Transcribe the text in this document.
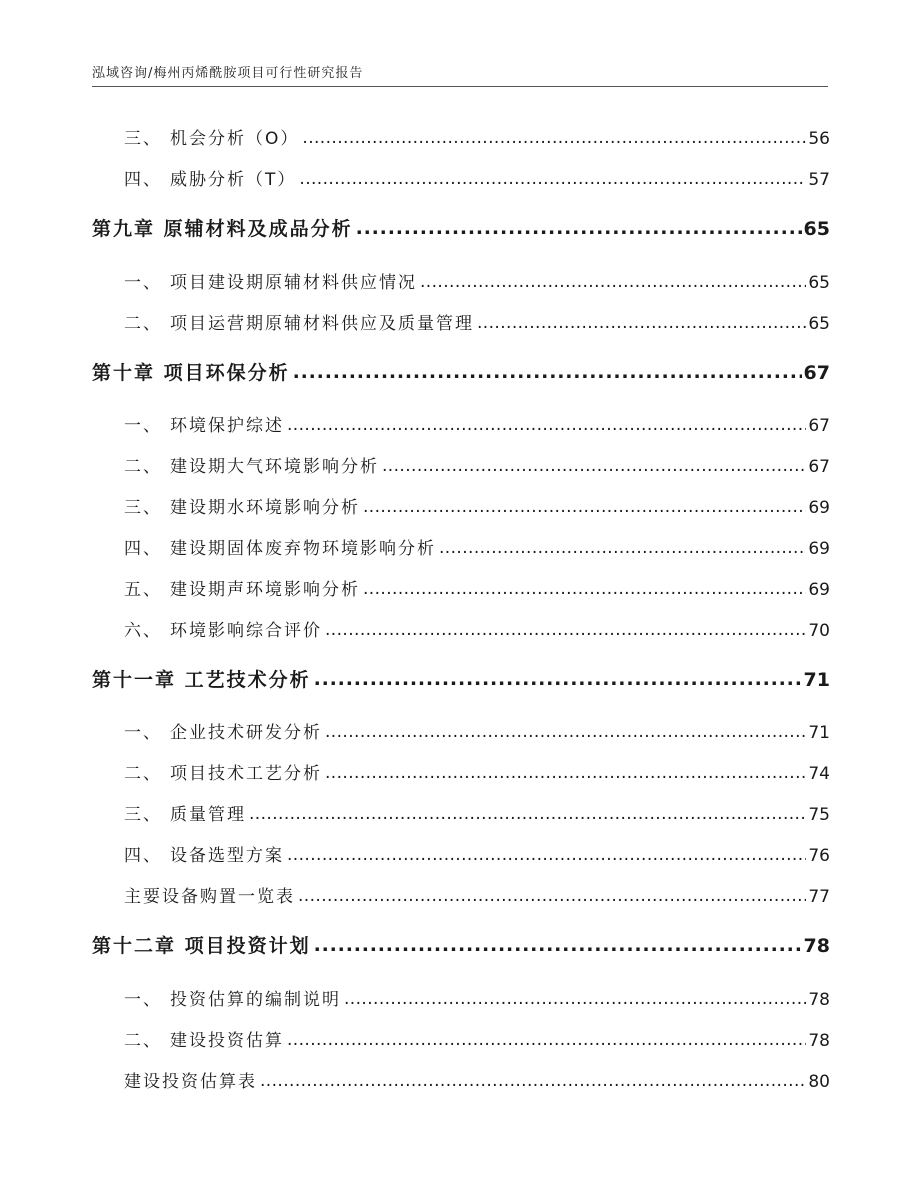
泓域咨询/梅州丙烯酰胺项目可行性研究报告
三、 机会分析（O） .....	56
四、 威胁分析（T） .....	57
第九章 原辅材料及成品分析 .....	65
一、 项目建设期原辅材料供应情况 .....	65
二、 项目运营期原辅材料供应及质量管理 .....	65
第十章 项目环保分析 .....	67
一、 环境保护综述 .....	67
二、 建设期大气环境影响分析 .....	67
三、 建设期水环境影响分析 .....	69
四、 建设期固体废弃物环境影响分析 .....	69
五、 建设期声环境影响分析 .....	69
六、 环境影响综合评价 .....	70
第十一章 工艺技术分析 .....	71
一、 企业技术研发分析 .....	71
二、 项目技术工艺分析 .....	74
三、 质量管理 .....	75
四、 设备选型方案 .....	76
主要设备购置一览表 .....	77
第十二章 项目投资计划 .....	78
一、 投资估算的编制说明 .....	78
二、 建设投资估算 .....	78
建设投资估算表 .....	80
